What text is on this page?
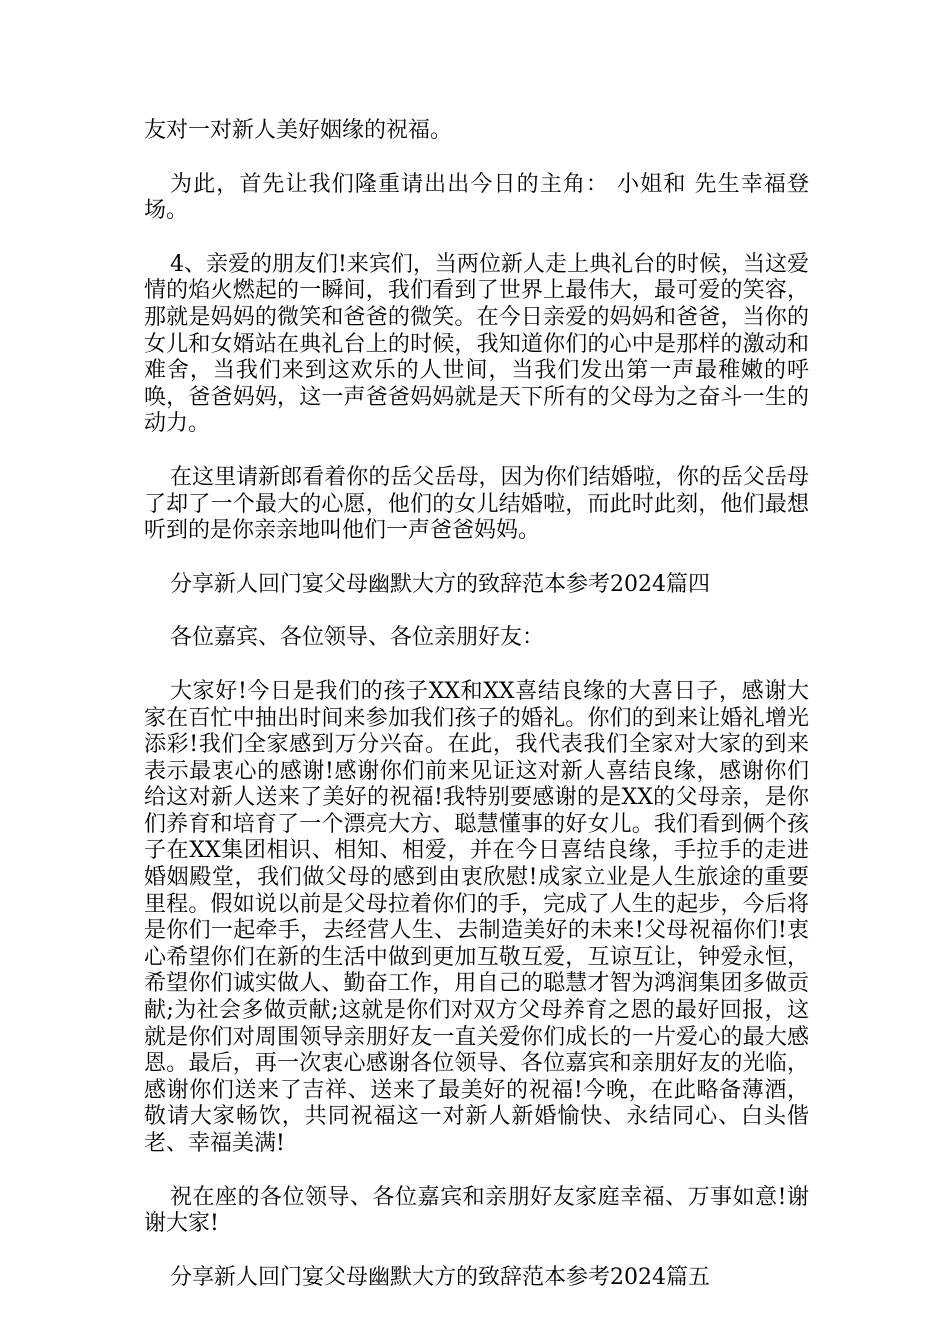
友对一对新人美好姻缘的祝福。

为此，首先让我们隆重请出出今日的主角： 小姐和 先生幸福登场。

4、亲爱的朋友们!来宾们，当两位新人走上典礼台的时候，当这爱情的焰火燃起的一瞬间，我们看到了世界上最伟大，最可爱的笑容，那就是妈妈的微笑和爸爸的微笑。在今日亲爱的妈妈和爸爸，当你的女儿和女婿站在典礼台上的时候，我知道你们的心中是那样的激动和难舍，当我们来到这欢乐的人世间，当我们发出第一声最稚嫩的呼唤，爸爸妈妈，这一声爸爸妈妈就是天下所有的父母为之奋斗一生的动力。

在这里请新郎看着你的岳父岳母，因为你们结婚啦，你的岳父岳母了却了一个最大的心愿，他们的女儿结婚啦，而此时此刻，他们最想听到的是你亲亲地叫他们一声爸爸妈妈。

分享新人回门宴父母幽默大方的致辞范本参考2024篇四

各位嘉宾、各位领导、各位亲朋好友：

大家好!今日是我们的孩子XX和XX喜结良缘的大喜日子，感谢大家在百忙中抽出时间来参加我们孩子的婚礼。你们的到来让婚礼增光添彩!我们全家感到万分兴奋。在此，我代表我们全家对大家的到来表示最衷心的感谢!感谢你们前来见证这对新人喜结良缘，感谢你们给这对新人送来了美好的祝福!我特别要感谢的是XX的父母亲，是你们养育和培育了一个漂亮大方、聪慧懂事的好女儿。我们看到俩个孩子在XX集团相识、相知、相爱，并在今日喜结良缘，手拉手的走进婚姻殿堂，我们做父母的感到由衷欣慰!成家立业是人生旅途的重要里程。假如说以前是父母拉着你们的手，完成了人生的起步，今后将是你们一起牵手，去经营人生、去制造美好的未来!父母祝福你们!衷心希望你们在新的生活中做到更加互敬互爱，互谅互让，钟爱永恒，希望你们诚实做人、勤奋工作，用自己的聪慧才智为鸿润集团多做贡献;为社会多做贡献;这就是你们对双方父母养育之恩的最好回报，这就是你们对周围领导亲朋好友一直关爱你们成长的一片爱心的最大感恩。最后，再一次衷心感谢各位领导、各位嘉宾和亲朋好友的光临，感谢你们送来了吉祥、送来了最美好的祝福!今晚，在此略备薄酒，敬请大家畅饮，共同祝福这一对新人新婚愉快、永结同心、白头偕老、幸福美满!

祝在座的各位领导、各位嘉宾和亲朋好友家庭幸福、万事如意!谢谢大家!

分享新人回门宴父母幽默大方的致辞范本参考2024篇五
